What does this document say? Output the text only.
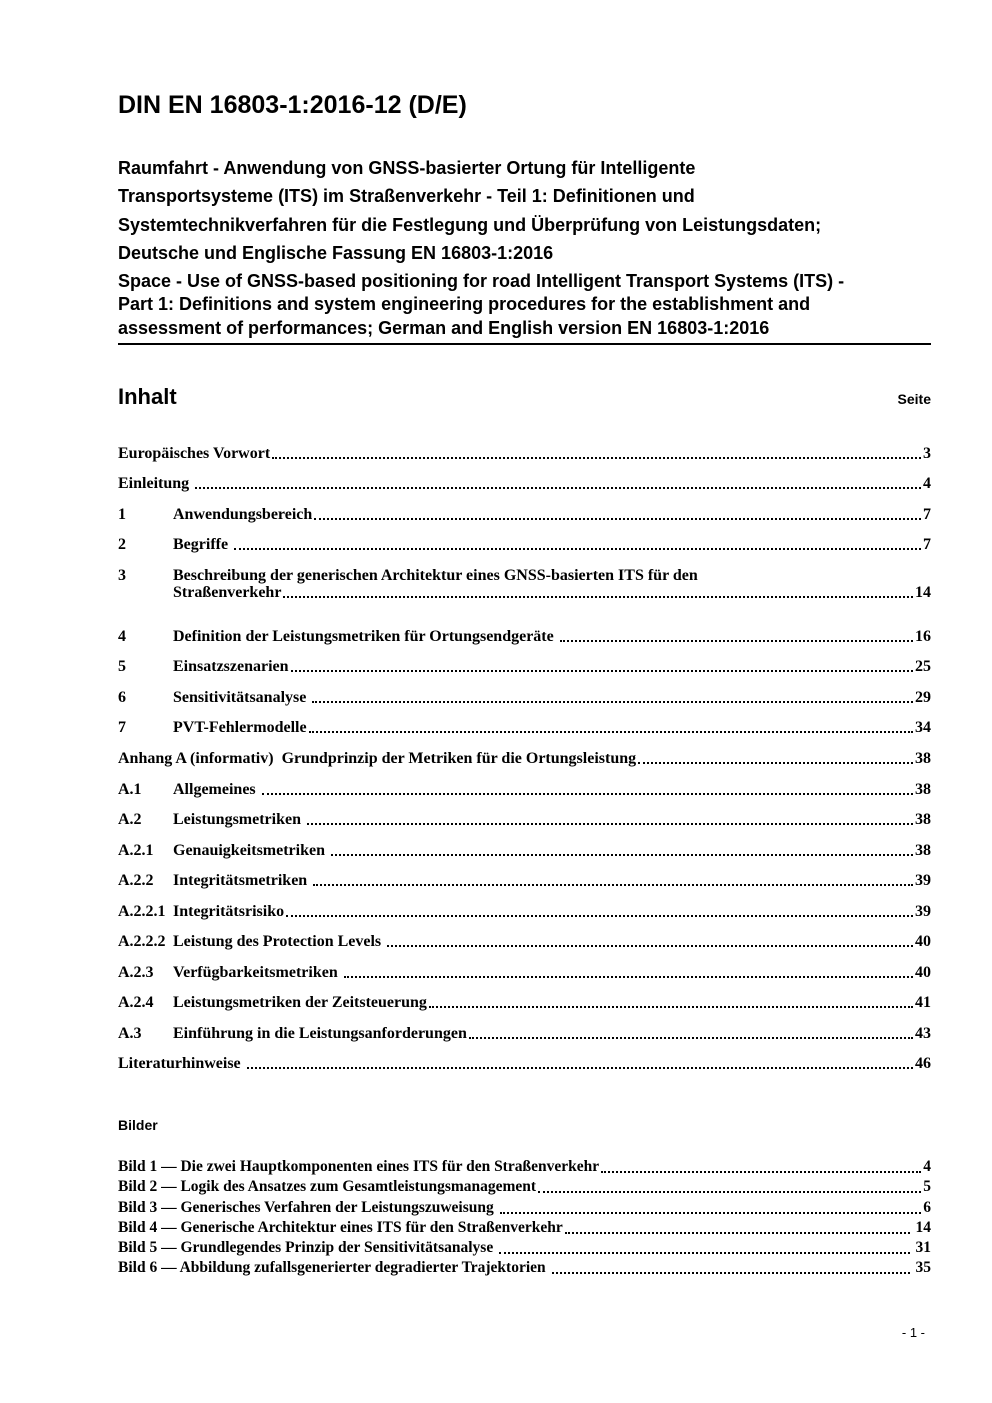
DIN EN 16803-1:2016-12 (D/E)
Raumfahrt - Anwendung von GNSS-basierter Ortung für Intelligente
Transportsysteme (ITS) im Straßenverkehr - Teil 1: Definitionen und
Systemtechnikverfahren für die Festlegung und Überprüfung von Leistungsdaten;
Deutsche und Englische Fassung EN 16803-1:2016
Space - Use of GNSS-based positioning for road Intelligent Transport Systems (ITS) -
Part 1: Definitions and system engineering procedures for the establishment and
assessment of performances; German and English version EN 16803-1:2016
Inhalt	Seite
Europäisches Vorwort	3
Einleitung	4
1	Anwendungsbereich	7
2	Begriffe	7
3	Beschreibung der generischen Architektur eines GNSS-basierten ITS für den
Straßenverkehr	14
4	Definition der Leistungsmetriken für Ortungsendgeräte	16
5	Einsatzszenarien	25
6	Sensitivitätsanalyse	29
7	PVT-Fehlermodelle	34
Anhang A (informativ)  Grundprinzip der Metriken für die Ortungsleistung	38
A.1	Allgemeines	38
A.2	Leistungsmetriken	38
A.2.1	Genauigkeitsmetriken	38
A.2.2	Integritätsmetriken	39
A.2.2.1 Integritätsrisiko	39
A.2.2.2 Leistung des Protection Levels	40
A.2.3	Verfügbarkeitsmetriken	40
A.2.4	Leistungsmetriken der Zeitsteuerung	41
A.3	Einführung in die Leistungsanforderungen	43
Literaturhinweise	46
Bilder
Bild 1 — Die zwei Hauptkomponenten eines ITS für den Straßenverkehr	4
Bild 2 — Logik des Ansatzes zum Gesamtleistungsmanagement	5
Bild 3 — Generisches Verfahren der Leistungszuweisung	6
Bild 4 — Generische Architektur eines ITS für den Straßenverkehr	14
Bild 5 — Grundlegendes Prinzip der Sensitivitätsanalyse	31
Bild 6 — Abbildung zufallsgenerierter degradierter Trajektorien	35
- 1 -
